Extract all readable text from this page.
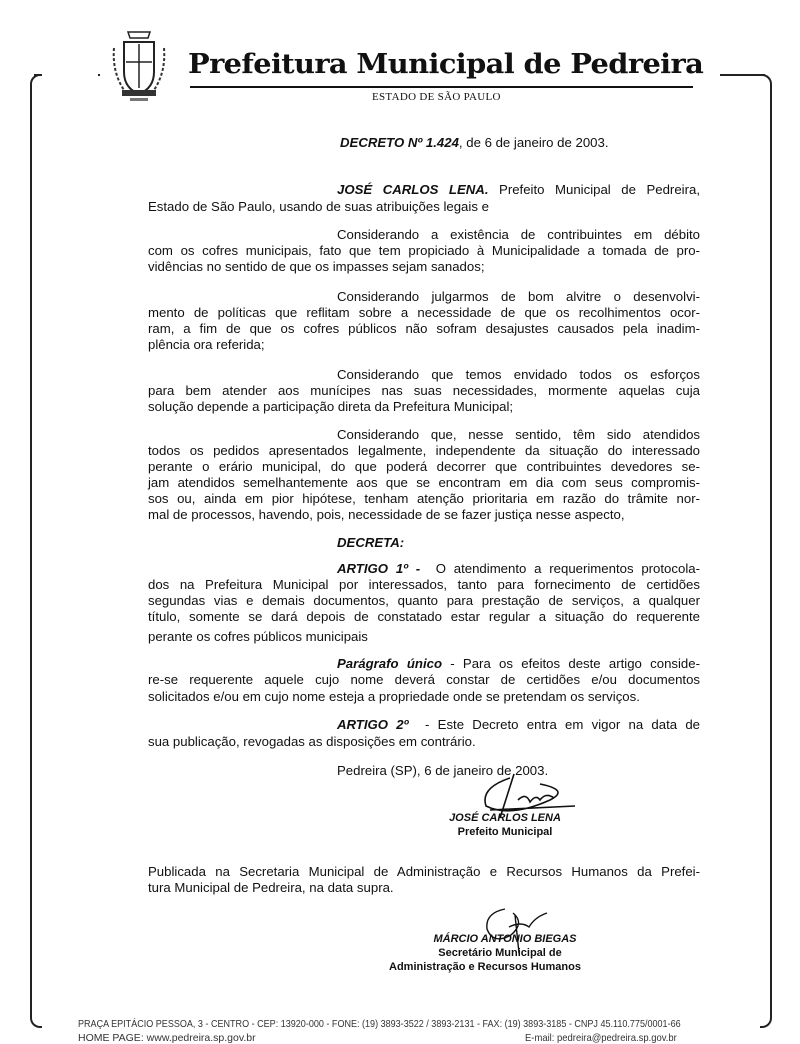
Prefeitura Municipal de Pedreira
ESTADO DE SÃO PAULO
DECRETO Nº 1.424, de 6 de janeiro de 2003.
JOSÉ CARLOS LENA. Prefeito Municipal de Pedreira,
Estado de São Paulo, usando de suas atribuições legais e
Considerando a existência de contribuintes em débito
com os cofres municipais, fato que tem propiciado à Municipalidade a tomada de pro-
vidências no sentido de que os impasses sejam sanados;
Considerando julgarmos de bom alvitre o desenvolvi-
mento de políticas que reflitam sobre a necessidade de que os recolhimentos ocor-
ram, a fim de que os cofres públicos não sofram desajustes causados pela inadim-
plência ora referida;
Considerando que temos envidado todos os esforços
para bem atender aos munícipes nas suas necessidades, mormente aquelas cuja
solução depende a participação direta da Prefeitura Municipal;
Considerando que, nesse sentido, têm sido atendidos
todos os pedidos apresentados legalmente, independente da situação do interessado
perante o erário municipal, do que poderá decorrer que contribuintes devedores se-
jam atendidos semelhantemente aos que se encontram em dia com seus compromis-
sos ou, ainda em pior hipótese, tenham atenção prioritaria em razão do trâmite nor-
mal de processos, havendo, pois, necessidade de se fazer justiça nesse aspecto,
DECRETA:
ARTIGO 1º -  O atendimento a requerimentos protocola-
dos na Prefeitura Municipal por interessados, tanto para fornecimento de certidões
segundas vias e demais documentos, quanto para prestação de serviços, a qualquer
título, somente se dará depois de constatado estar regular a situação do requerente
perante os cofres públicos municipais
Parágrafo único - Para os efeitos deste artigo conside-
re-se requerente aquele cujo nome deverá constar de certidões e/ou documentos
solicitados e/ou em cujo nome esteja a propriedade onde se pretendam os serviços.
ARTIGO 2º  - Este Decreto entra em vigor na data de
sua publicação, revogadas as disposições em contrário.
Pedreira (SP), 6 de janeiro de 2003.
JOSÉ CARLOS LENA
Prefeito Municipal
Publicada na Secretaria Municipal de Administração e Recursos Humanos da Prefei-
tura Municipal de Pedreira, na data supra.
MÁRCIO ANTONIO BIEGAS
Secretário Municipal de
Administração e Recursos Humanos
PRAÇA EPITÁCIO PESSOA, 3 - CENTRO - CEP: 13920-000 - FONE: (19) 3893-3522 / 3893-2131 - FAX: (19) 3893-3185 - CNPJ 45.110.775/0001-66
HOME PAGE: www.pedreira.sp.gov.br	E-mail: pedreira@pedreira.sp.gov.br
